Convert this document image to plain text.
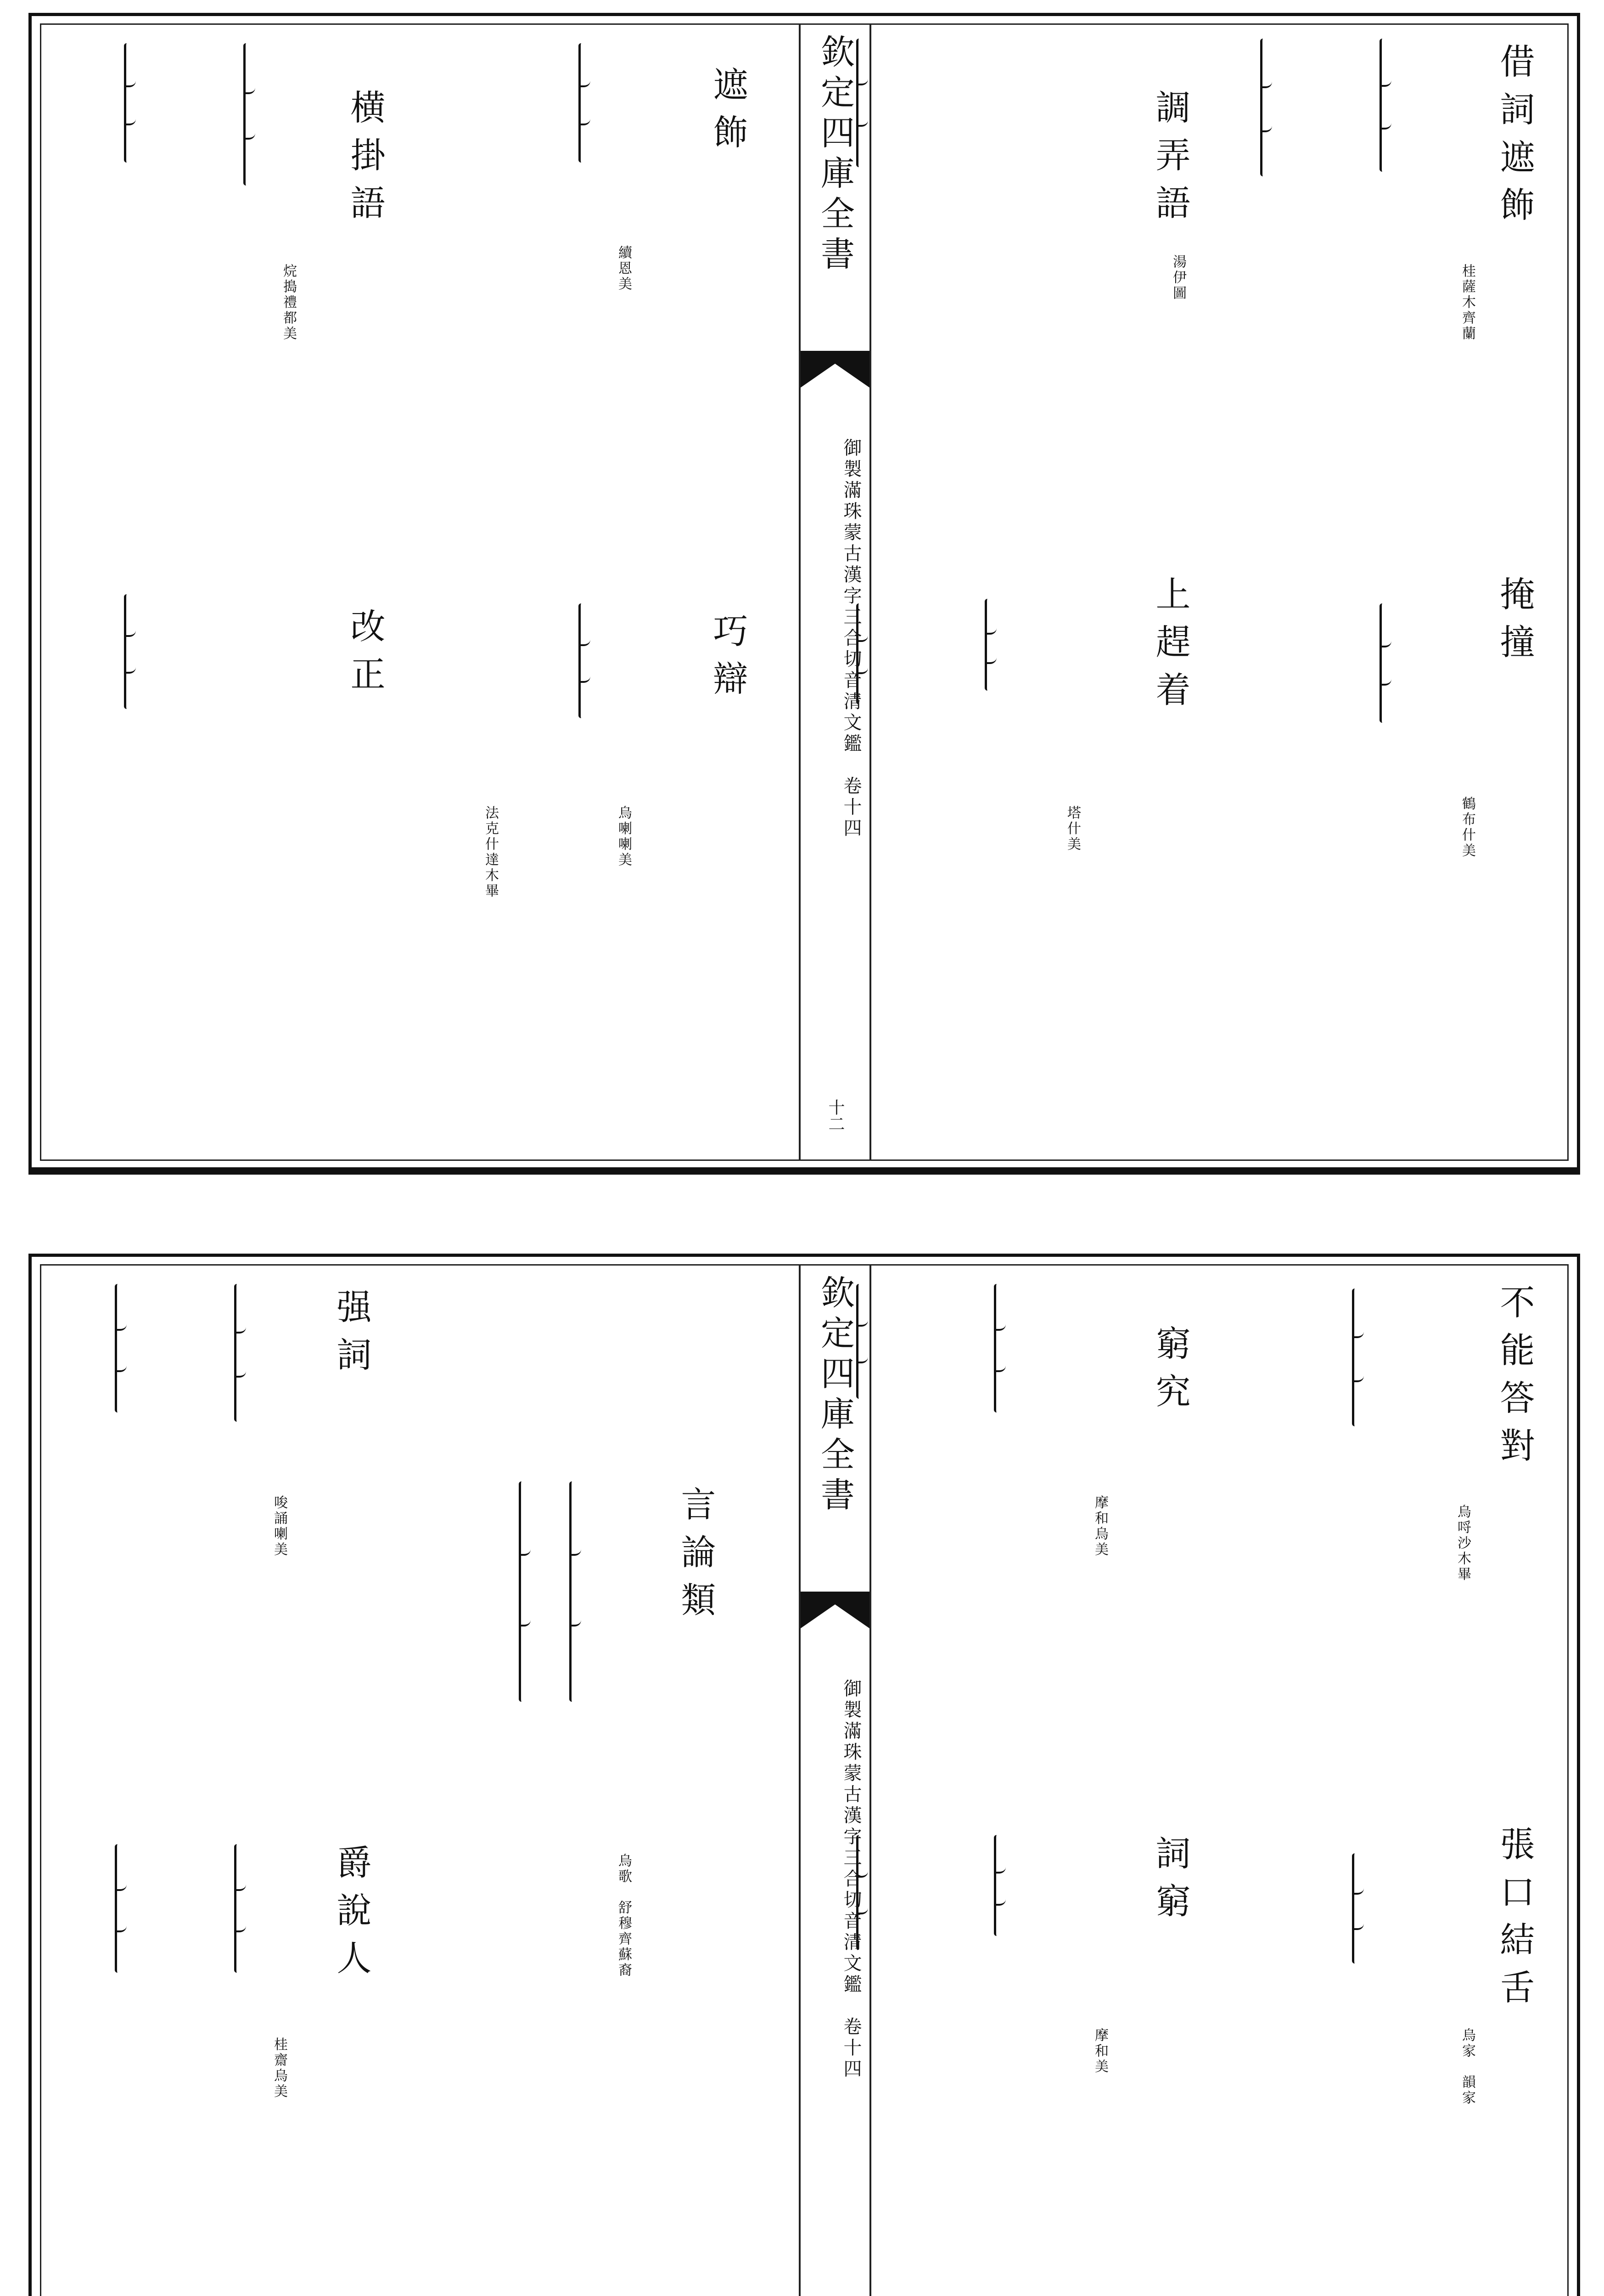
借詞遮飾
桂薩木齊蘭
掩撞
鶴布什美
調弄語
湯伊圖
上趕着
塔什美
欽定四庫全書
御製滿珠蒙古漢字三合切音清文鑑　卷十四
十二
遮飾
續恩美
巧辯
烏喇喇美
横掛語
烷搗禮都美
改正
法克什達木畢
不能答對
烏哷沙木畢
張口結舌
烏家　韻家
窮究
摩和烏美
詞窮
摩和美
欽定四庫全書
御製滿珠蒙古漢字三合切音清文鑑　卷十四
言論類
烏歌　舒穆齊蘇裔
强詞
唆誦喇美
爵說人
桂齋烏美
